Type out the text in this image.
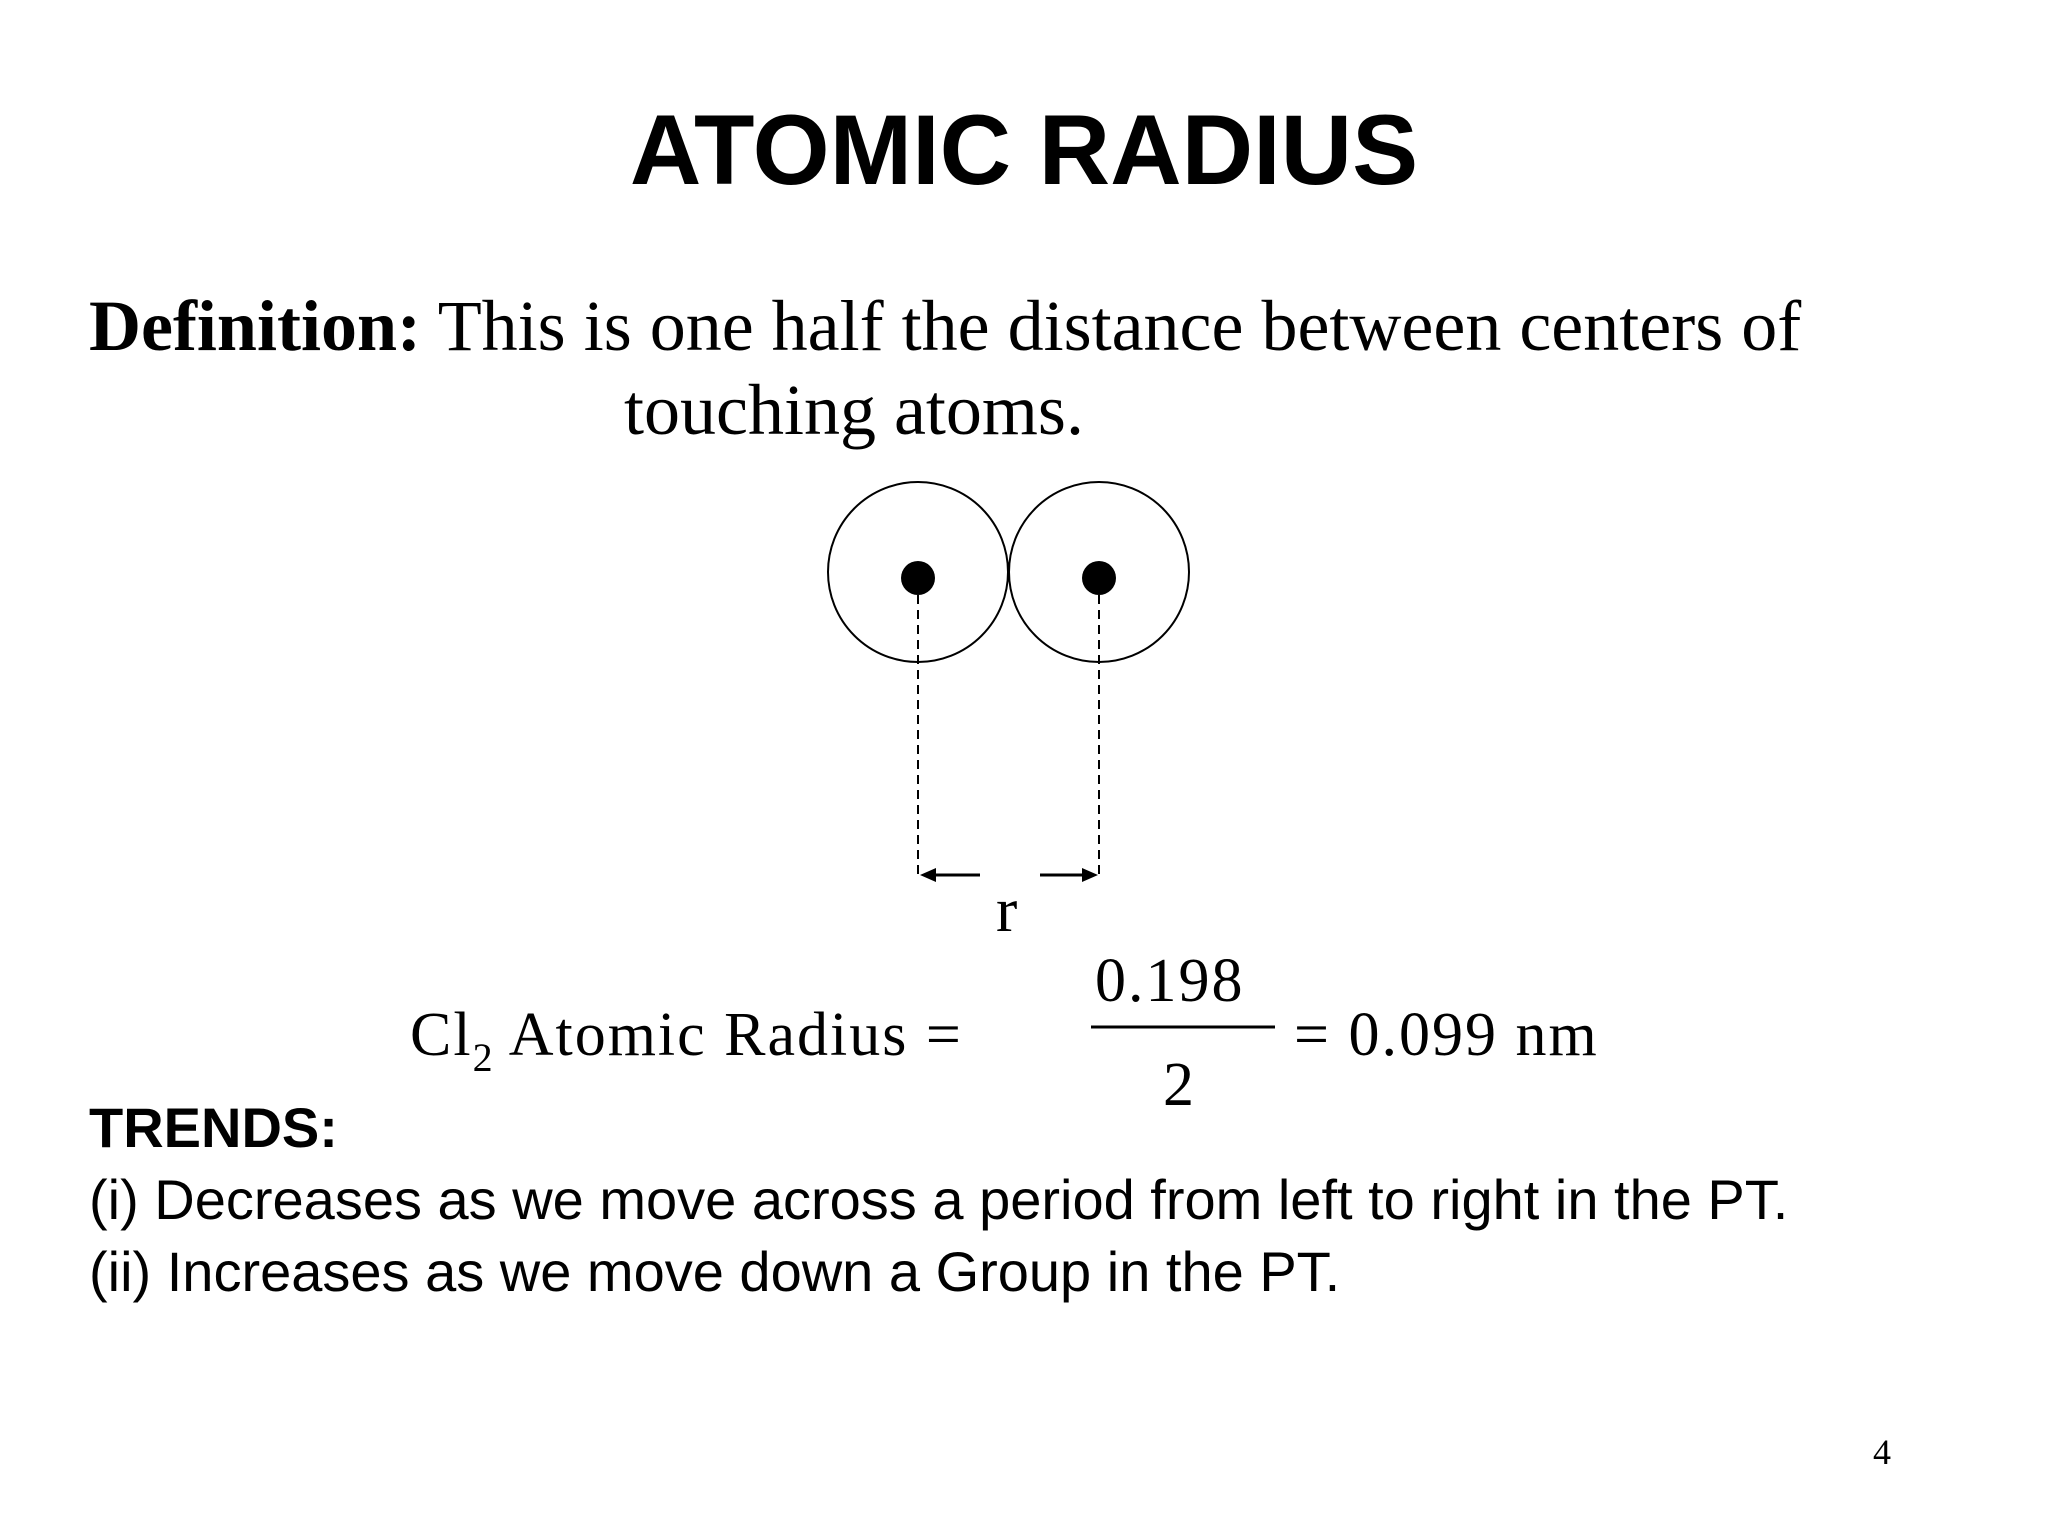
ATOMIC RADIUS
Definition: This is one half the distance between centers of
touching atoms.
r
$Cl_2$ Atomic Radius =
0.198
2
= 0.099 nm
TRENDS:
(i) Decreases as we move across a period from left to right in the PT.
(ii) Increases as we move down a Group in the PT.
4
